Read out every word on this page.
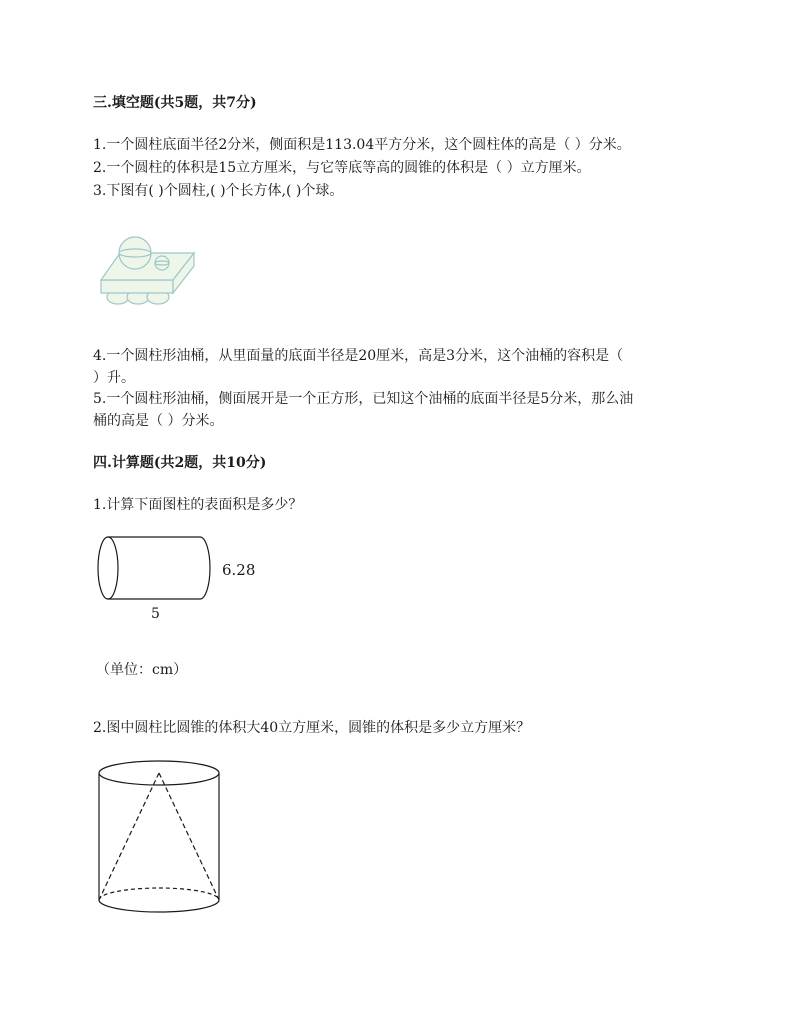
三.填空题(共5题，共7分)
1.一个圆柱底面半径2分米，侧面积是113.04平方分米，这个圆柱体的高是（ ）分米。
2.一个圆柱的体积是15立方厘米，与它等底等高的圆锥的体积是（ ）立方厘米。
3.下图有( )个圆柱,( )个长方体,( )个球。
4.一个圆柱形油桶，从里面量的底面半径是20厘米，高是3分米，这个油桶的容积是（
）升。
5.一个圆柱形油桶，侧面展开是一个正方形，已知这个油桶的底面半径是5分米，那么油
桶的高是（ ）分米。
四.计算题(共2题，共10分)
1.计算下面图柱的表面积是多少？
6.28
5
（单位：cm）
2.图中圆柱比圆锥的体积大40立方厘米，圆锥的体积是多少立方厘米？
